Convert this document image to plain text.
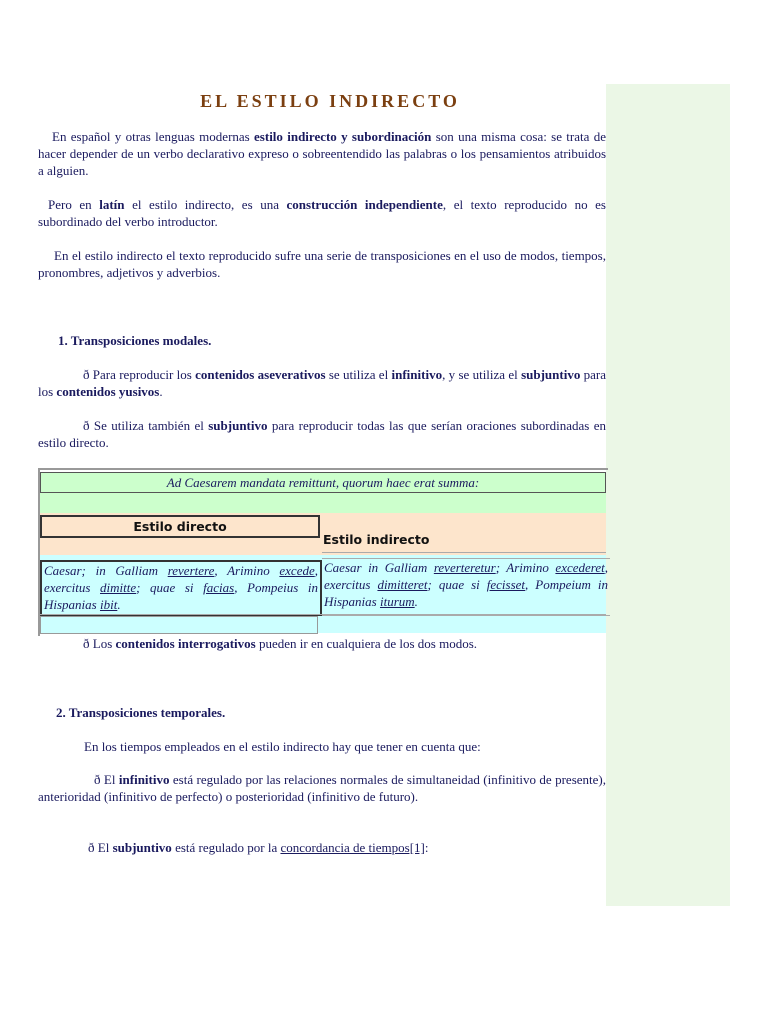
EL ESTILO INDIRECTO

En español y otras lenguas modernas estilo indirecto y subordinación son una misma cosa: se trata de hacer depender de un verbo declarativo expreso o sobreentendido las palabras o los pensamientos atribuidos a alguien.

Pero en latín el estilo indirecto, es una construcción independiente, el texto reproducido no es subordinado del verbo introductor.

En el estilo indirecto el texto reproducido sufre una serie de transposiciones en el uso de modos, tiempos, pronombres, adjetivos y adverbios.

1. Transposiciones modales.

ð Para reproducir los contenidos aseverativos se utiliza el infinitivo, y se utiliza el subjuntivo para los contenidos yusivos.

ð Se utiliza también el subjuntivo para reproducir todas las que serían oraciones subordinadas en estilo directo.

Ad Caesarem mandata remittunt, quorum haec erat summa:
Estilo directo
Estilo indirecto
Caesar; in Galliam revertere, Arimino excede, exercitus dimitte; quae si facias, Pompeius in Hispanias ibit.
Caesar in Galliam reverteretur; Arimino excederet, exercitus dimitteret; quae si fecisset, Pompeium in Hispanias iturum.

ð Los contenidos interrogativos pueden ir en cualquiera de los dos modos.

2. Transposiciones temporales.

En los tiempos empleados en el estilo indirecto hay que tener en cuenta que:

ð El infinitivo está regulado por las relaciones normales de simultaneidad (infinitivo de presente), anterioridad (infinitivo de perfecto) o posterioridad (infinitivo de futuro).

ð El subjuntivo está regulado por la concordancia de tiempos[1]:
